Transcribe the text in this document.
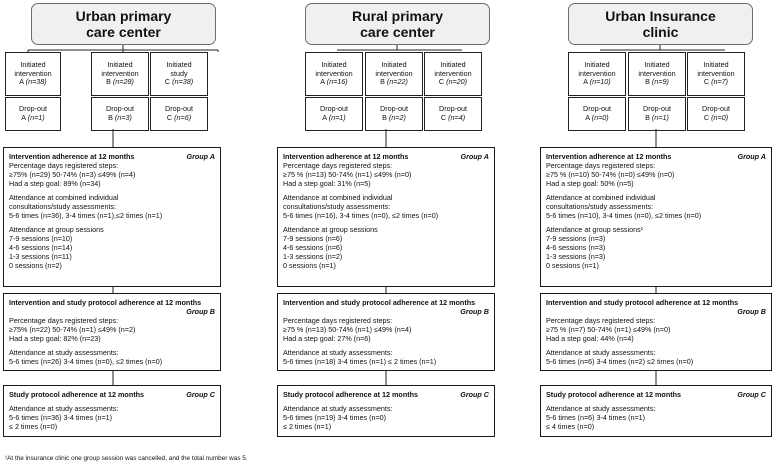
Urban primary
care center
Initiated
intervention
A (n=38)
Initiated
intervention
B (n=28)
Initiated
study
C (n=38)
Drop-out
A (n=1)
Drop-out
B (n=3)
Drop-out
C (n=6)
Group A
Intervention adherence at 12 months
Percentage days registered steps:
≥75% (n=29) 50-74% (n=3) ≤49% (n=4)
Had a step goal: 89% (n=34)
Attendance at combined individual
consultations/study assessments:
5-6 times (n=36), 3-4 times (n=1),≤2 times (n=1)
Attendance at group sessions
7-9 sessions (n=10)
4-6 sessions (n=14)
1-3 sessions (n=11)
0 sessions (n=2)
Intervention and study protocol adherence at 12 months
Group B
Percentage days registered steps:
≥75% (n=22) 50-74% (n=1) ≤49% (n=2)
Had a step goal: 82% (n=23)
Attendance at study assessments:
5-6 times (n=26) 3-4 times (n=0), ≤2 times (n=0)
Group C
Study protocol adherence at 12 months
Attendance at study assessments:
5-6 times (n=36) 3-4 times (n=1)
≤ 2 times (n=0)
Rural primary
care center
Initiated
intervention
A (n=16)
Initiated
intervention
B (n=22)
Initiated
intervention
C (n=20)
Drop-out
A (n=1)
Drop-out
B (n=2)
Drop-out
C (n=4)
Group A
Intervention adherence at 12 months
Percentage days registered steps:
≥75 % (n=13) 50-74% (n=1) ≤49% (n=0)
Had a step goal: 31% (n=5)
Attendance at combined individual
consultations/study assessments:
5-6 times (n=16), 3-4 times (n=0), ≤2 times (n=0)
Attendance at group sessions
7-9 sessions (n=6)
4-6 sessions (n=6)
1-3 sessions (n=2)
0 sessions (n=1)
Intervention and study protocol adherence at 12 months
Group B
Percentage days registered steps:
≥75 % (n=13) 50-74% (n=1) ≤49% (n=4)
Had a step goal: 27% (n=6)
Attendance at study assessments:
5-6 times (n=18) 3-4 times (n=1) ≤ 2 times (n=1)
Group C
Study protocol adherence at 12 months
Attendance at study assessments:
5-6 times (n=19) 3-4 times (n=0)
≤ 2 times (n=1)
Urban Insurance
clinic
Initiated
intervention
A (n=10)
Initiated
intervention
B (n=9)
Initiated
intervention
C (n=7)
Drop-out
A (n=0)
Drop-out
B (n=1)
Drop-out
C (n=0)
Group A
Intervention adherence at 12 months
Percentage days registered steps:
≥75 % (n=10) 50-74% (n=0) ≤49% (n=0)
Had a step goal: 50% (n=5)
Attendance at combined individual
consultations/study assessments:
5-6 times (n=10), 3-4 times (n=0), ≤2 times (n=0)
Attendance at group sessions¹
7-9 sessions (n=3)
4-6 sessions (n=3)
1-3 sessions (n=3)
0 sessions (n=1)
Intervention and study protocol adherence at 12 months
Group B
Percentage days registered steps:
≥75 % (n=7) 50-74% (n=1) ≤49% (n=0)
Had a step goal: 44% (n=4)
Attendance at study assessments:
5-6 times (n=6) 3-4 times (n=2) ≤2 times (n=0)
Group C
Study protocol adherence at 12 months
Attendance at study assessments:
5-6 times (n=6) 3-4 times (n=1)
≤ 4 times (n=0)
¹At the insurance clinic one group session was cancelled, and the total number was 5.
